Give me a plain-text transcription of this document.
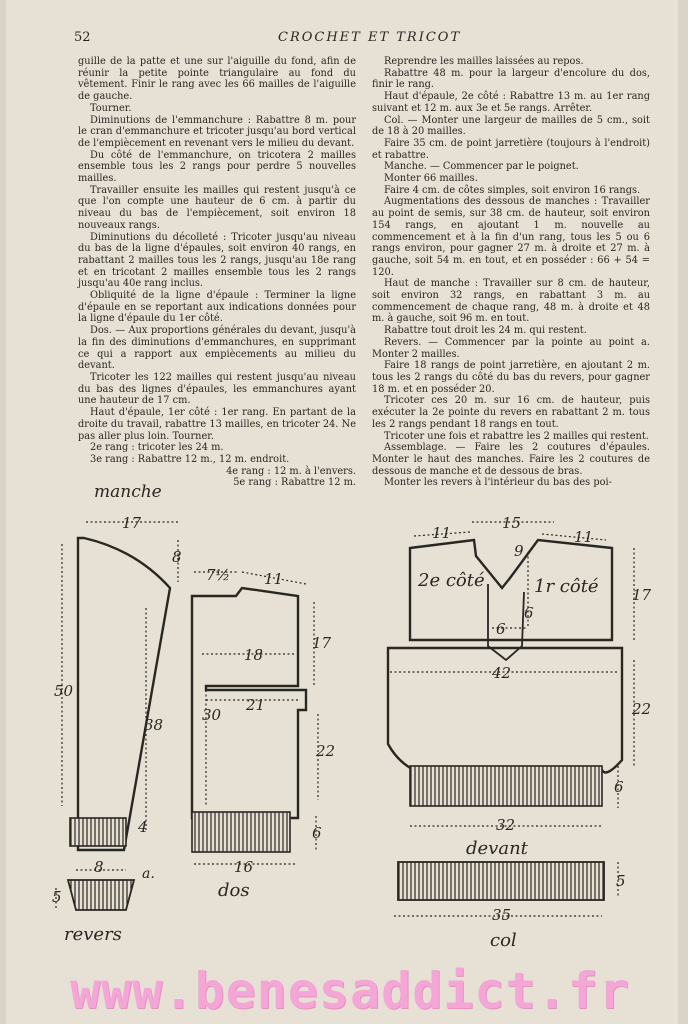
52	CROCHET ET TRICOT

guille de la patte et une sur l'aiguille du fond, afin de réunir la petite pointe triangulaire au fond du vêtement. Finir le rang avec les 66 mailles de l'aiguille de gauche.

Tourner.

Diminutions de l'emmanchure : Rabattre 8 m. pour le cran d'emmanchure et tricoter jusqu'au bord vertical de l'empiècement en revenant vers le milieu du devant.

Du côté de l'emmanchure, on tricotera 2 mailles ensemble tous les 2 rangs pour perdre 5 nouvelles mailles.

Travailler ensuite les mailles qui restent jusqu'à ce que l'on compte une hauteur de 6 cm. à partir du niveau du bas de l'empiècement, soit environ 18 nouveaux rangs.

Diminutions du décolleté : Tricoter jusqu'au niveau du bas de la ligne d'épaules, soit environ 40 rangs, en rabattant 2 mailles tous les 2 rangs, jusqu'au 18e rang et en tricotant 2 mailles ensemble tous les 2 rangs jusqu'au 40e rang inclus.

Obliquité de la ligne d'épaule : Terminer la ligne d'épaule en se reportant aux indications données pour la ligne d'épaule du 1er côté.

Dos. — Aux proportions générales du devant, jusqu'à la fin des diminutions d'emmanchures, en supprimant ce qui a rapport aux empiècements au milieu du devant.

Tricoter les 122 mailles qui restent jusqu'au niveau du bas des lignes d'épaules, les emmanchures ayant une hauteur de 17 cm.

Haut d'épaule, 1er côté : 1er rang. En partant de la droite du travail, rabattre 13 mailles, en tricoter 24. Ne pas aller plus loin. Tourner.

2e rang : tricoter les 24 m.

3e rang : Rabattre 12 m., 12 m. endroit.

4e rang : 12 m. à l'envers.

5e rang : Rabattre 12 m.

Reprendre les mailles laissées au repos.

Rabattre 48 m. pour la largeur d'encolure du dos, finir le rang.

Haut d'épaule, 2e côté : Rabattre 13 m. au 1er rang suivant et 12 m. aux 3e et 5e rangs. Arrêter.

Col. — Monter une largeur de mailles de 5 cm., soit de 18 à 20 mailles.

Faire 35 cm. de point jarretière (toujours à l'endroit) et rabattre.

Manche. — Commencer par le poignet.

Monter 66 mailles.

Faire 4 cm. de côtes simples, soit environ 16 rangs.

Augmentations des dessous de manches : Travailler au point de semis, sur 38 cm. de hauteur, soit environ 154 rangs, en ajoutant 1 m. nouvelle au commencement et à la fin d'un rang, tous les 5 ou 6 rangs environ, pour gagner 27 m. à droite et 27 m. à gauche, soit 54 m. en tout, et en posséder : 66 + 54 = 120.

Haut de manche : Travailler sur 8 cm. de hauteur, soit environ 32 rangs, en rabattant 3 m. au commencement de chaque rang, 48 m. à droite et 48 m. à gauche, soit 96 m. en tout.

Rabattre tout droit les 24 m. qui restent.

Revers. — Commencer par la pointe au point a. Monter 2 mailles.

Faire 18 rangs de point jarretière, en ajoutant 2 m. tous les 2 rangs du côté du bas du revers, pour gagner 18 m. et en posséder 20.

Tricoter ces 20 m. sur 16 cm. de hauteur, puis exécuter la 2e pointe du revers en rabattant 2 m. tous les 2 rangs pendant 18 rangs en tout.

Tricoter une fois et rabattre les 2 mailles qui restent.

Assemblage. — Faire les 2 coutures d'épaules. Monter le haut des manches. Faire les 2 coutures de dessous de manche et de dessous de bras.

Monter les revers à l'intérieur du bas des poi-

manche
17
8
50
38
4
8
5
7½ 11
18
17
21
30
22
6
16
15
11	11
9
6
6
17
42
22
6
32
35
5
dos
revers
devant
col
2e côté	1r côté
a.
www.benesaddict.fr
